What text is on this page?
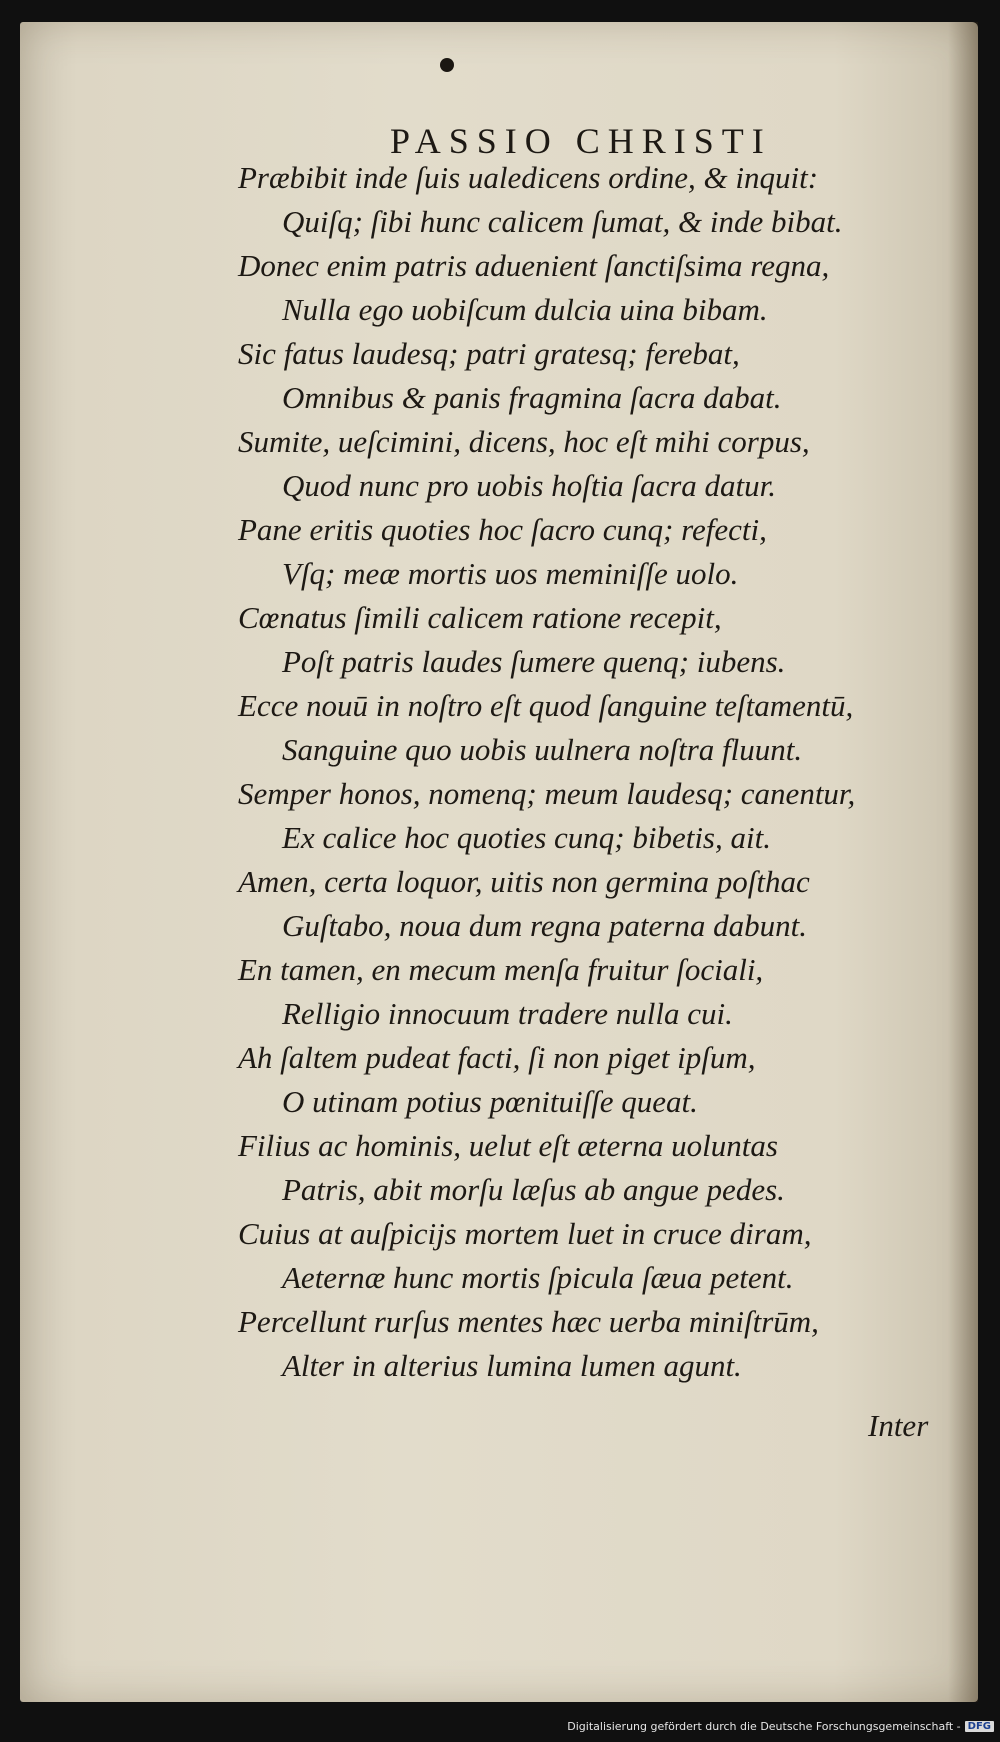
PASSIO CHRISTI
Præbibit inde ſuis ualedicens ordine, & inquit:
Quiſq; ſibi hunc calicem ſumat, & inde bibat.
Donec enim patris aduenient ſanctiſsima regna,
Nulla ego uobiſcum dulcia uina bibam.
Sic fatus laudesq; patri gratesq; ferebat,
Omnibus & panis fragmina ſacra dabat.
Sumite, ueſcimini, dicens, hoc eſt mihi corpus,
Quod nunc pro uobis hoſtia ſacra datur.
Pane eritis quoties hoc ſacro cunq; refecti,
Vſq; meæ mortis uos meminiſſe uolo.
Cœnatus ſimili calicem ratione recepit,
Poſt patris laudes ſumere quenq; iubens.
Ecce nouū in noſtro eſt quod ſanguine teſtamentū,
Sanguine quo uobis uulnera noſtra fluunt.
Semper honos, nomenq; meum laudesq; canentur,
Ex calice hoc quoties cunq; bibetis, ait.
Amen, certa loquor, uitis non germina poſthac
Guſtabo, noua dum regna paterna dabunt.
En tamen, en mecum menſa fruitur ſociali,
Relligio innocuum tradere nulla cui.
Ah ſaltem pudeat facti, ſi non piget ipſum,
O utinam potius pœnituiſſe queat.
Filius ac hominis, uelut eſt æterna uoluntas
Patris, abit morſu læſus ab angue pedes.
Cuius at auſpicijs mortem luet in cruce diram,
Aeternæ hunc mortis ſpicula ſæua petent.
Percellunt rurſus mentes hæc uerba miniſtrūm,
Alter in alterius lumina lumen agunt.
Inter
Digitalisierung gefördert durch die Deutsche Forschungsgemeinschaft - DFG
